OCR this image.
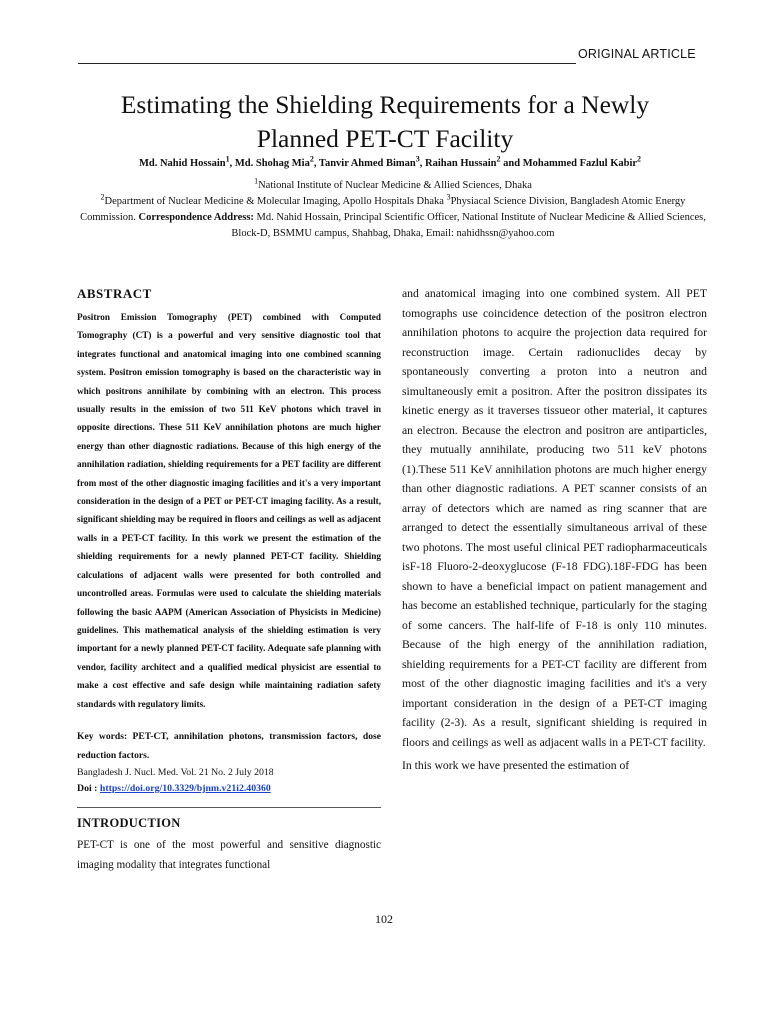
ORIGINAL ARTICLE
Estimating the Shielding Requirements for a Newly
Planned PET-CT Facility
Md. Nahid Hossain$^1$, Md. Shohag Mia$^2$, Tanvir Ahmed Biman$^3$, Raihan Hussain$^2$ and Mohammed Fazlul Kabir$^2$
$^1$National Institute of Nuclear Medicine & Allied Sciences, Dhaka
$^2$Department of Nuclear Medicine & Molecular Imaging, Apollo Hospitals Dhaka $^3$Physiacal Science Division, Bangladesh Atomic Energy Commission. Correspondence Address: Md. Nahid Hossain, Principal Scientific Officer, National Institute of Nuclear Medicine & Allied Sciences, Block-D, BSMMU campus, Shahbag, Dhaka, Email: nahidhssn@yahoo.com
ABSTRACT
Positron Emission Tomography (PET) combined with Computed Tomography (CT) is a powerful and very sensitive diagnostic tool that integrates functional and anatomical imaging into one combined scanning system. Positron emission tomography is based on the characteristic way in which positrons annihilate by combining with an electron. This process usually results in the emission of two 511 KeV photons which travel in opposite directions. These 511 KeV annihilation photons are much higher energy than other diagnostic radiations. Because of this high energy of the annihilation radiation, shielding requirements for a PET facility are different from most of the other diagnostic imaging facilities and it's a very important consideration in the design of a PET or PET-CT imaging facility. As a result, significant shielding may be required in floors and ceilings as well as adjacent walls in a PET-CT facility. In this work we present the estimation of the shielding requirements for a newly planned PET-CT facility. Shielding calculations of adjacent walls were presented for both controlled and uncontrolled areas. Formulas were used to calculate the shielding materials following the basic AAPM (American Association of Physicists in Medicine) guidelines. This mathematical analysis of the shielding estimation is very important for a newly planned PET-CT facility. Adequate safe planning with vendor, facility architect and a qualified medical physicist are essential to make a cost effective and safe design while maintaining radiation safety standards with regulatory limits.
Key words: PET-CT, annihilation photons, transmission factors, dose reduction factors.
Bangladesh J. Nucl. Med. Vol. 21 No. 2 July 2018
Doi : https://doi.org/10.3329/bjnm.v21i2.40360
INTRODUCTION
PET-CT is one of the most powerful and sensitive diagnostic imaging modality that integrates functional

and anatomical imaging into one combined system. All PET tomographs use coincidence detection of the positron electron annihilation photons to acquire the projection data required for reconstruction image. Certain radionuclides decay by spontaneously converting a proton into a neutron and simultaneously emit a positron. After the positron dissipates its kinetic energy as it traverses tissueor other material, it captures an electron. Because the electron and positron are antiparticles, they mutually annihilate, producing two 511 keV photons (1).These 511 KeV annihilation photons are much higher energy than other diagnostic radiations. A PET scanner consists of an array of detectors which are named as ring scanner that are arranged to detect the essentially simultaneous arrival of these two photons. The most useful clinical PET radiopharmaceuticals isF-18 Fluoro-2-deoxyglucose (F-18 FDG).18F-FDG has been shown to have a beneficial impact on patient management and has become an established technique, particularly for the staging of some cancers. The half-life of F-18 is only 110 minutes. Because of the high energy of the annihilation radiation, shielding requirements for a PET-CT facility are different from most of the other diagnostic imaging facilities and it's a very important consideration in the design of a PET-CT imaging facility (2-3). As a result, significant shielding is required in floors and ceilings as well as adjacent walls in a PET-CT facility.

In this work we have presented the estimation of

102
